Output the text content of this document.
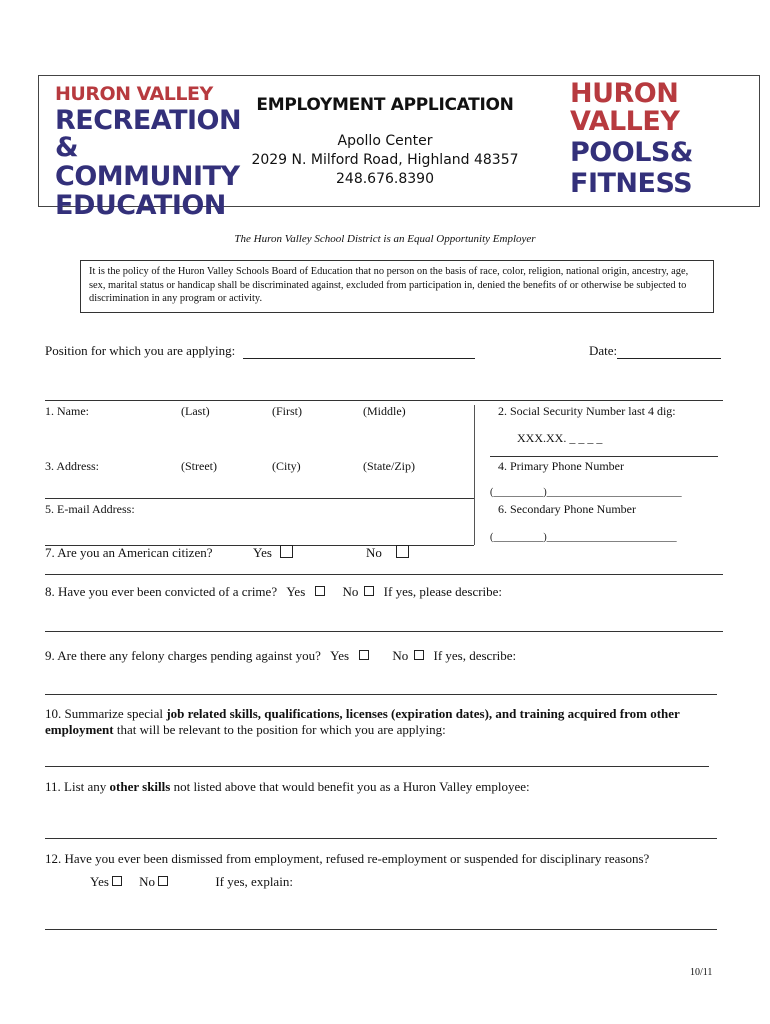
HURON VALLEY
RECREATION &
COMMUNITY
EDUCATION
EMPLOYMENT APPLICATION
Apollo Center
2029 N. Milford Road, Highland 48357
248.676.8390
HURON
VALLEY
POOLS&
FITNESS
The Huron Valley School District is an Equal Opportunity Employer
It is the policy of the Huron Valley Schools Board of Education that no person on the basis of race, color, religion, national origin, ancestry, age, sex, marital status or handicap shall be discriminated against, excluded from participation in, denied the benefits of or otherwise be subjected to discrimination in any program or activity.
Position for which you are applying:	Date:
1. Name:	(Last)	(First)	(Middle)	2. Social Security Number last 4 dig:
XXX.XX. _ _ _ _
3. Address:	(Street)	(City)	(State/Zip)	4. Primary Phone Number
(__________)___________________________
5. E-mail Address:	6. Secondary Phone Number
(__________)__________________________
7. Are you an American citizen?	Yes	No
8. Have you ever been convicted of a crime? Yes	No If yes, please describe:
9. Are there any felony charges pending against you? Yes	No If yes, describe:
10. Summarize special job related skills, qualifications, licenses (expiration dates), and training acquired from other employment that will be relevant to the position for which you are applying:
11. List any other skills not listed above that would benefit you as a Huron Valley employee:
12. Have you ever been dismissed from employment, refused re-employment or suspended for disciplinary reasons?
Yes No	If yes, explain:
10/11
